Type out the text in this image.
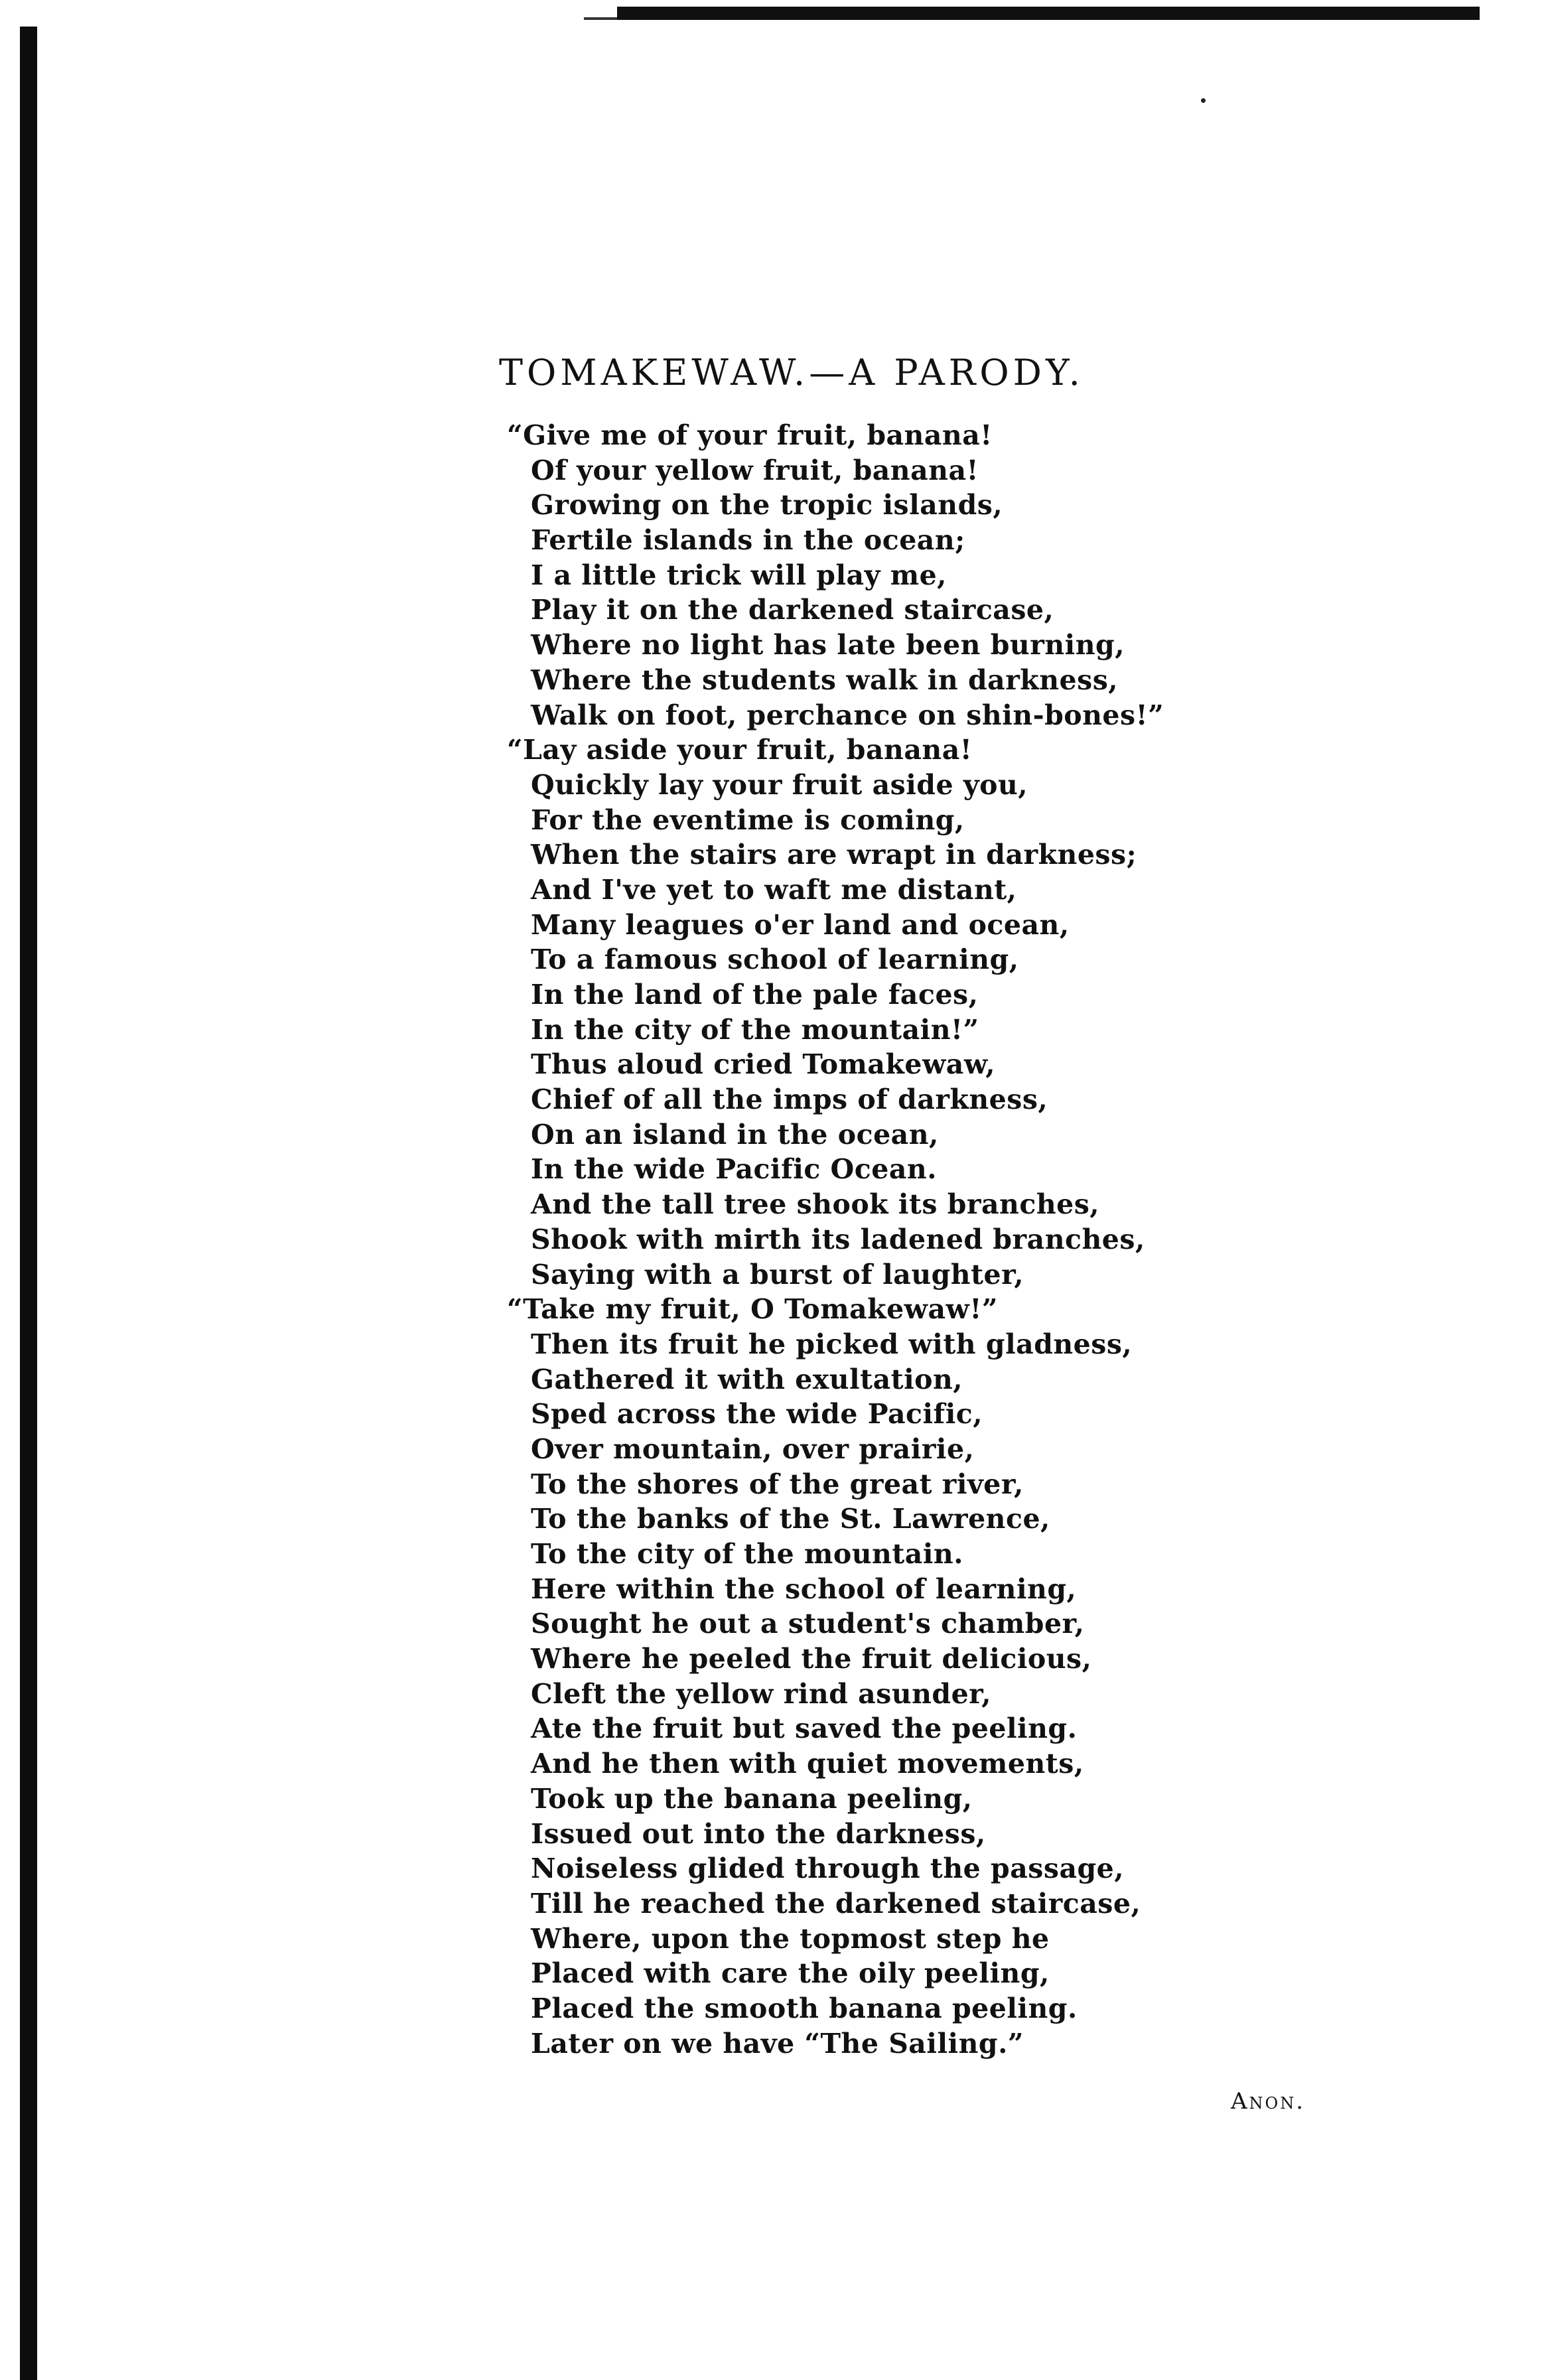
TOMAKEWAW.—A PARODY.
“Give me of your fruit, banana!
Of your yellow fruit, banana!
Growing on the tropic islands,
Fertile islands in the ocean;
I a little trick will play me,
Play it on the darkened staircase,
Where no light has late been burning,
Where the students walk in darkness,
Walk on foot, perchance on shin-bones!”
“Lay aside your fruit, banana!
Quickly lay your fruit aside you,
For the eventime is coming,
When the stairs are wrapt in darkness;
And I've yet to waft me distant,
Many leagues o'er land and ocean,
To a famous school of learning,
In the land of the pale faces,
In the city of the mountain!”
Thus aloud cried Tomakewaw,
Chief of all the imps of darkness,
On an island in the ocean,
In the wide Pacific Ocean.
And the tall tree shook its branches,
Shook with mirth its ladened branches,
Saying with a burst of laughter,
“Take my fruit, O Tomakewaw!”
Then its fruit he picked with gladness,
Gathered it with exultation,
Sped across the wide Pacific,
Over mountain, over prairie,
To the shores of the great river,
To the banks of the St. Lawrence,
To the city of the mountain.
Here within the school of learning,
Sought he out a student's chamber,
Where he peeled the fruit delicious,
Cleft the yellow rind asunder,
Ate the fruit but saved the peeling.
And he then with quiet movements,
Took up the banana peeling,
Issued out into the darkness,
Noiseless glided through the passage,
Till he reached the darkened staircase,
Where, upon the topmost step he
Placed with care the oily peeling,
Placed the smooth banana peeling.
Later on we have “The Sailing.”
Anon.
